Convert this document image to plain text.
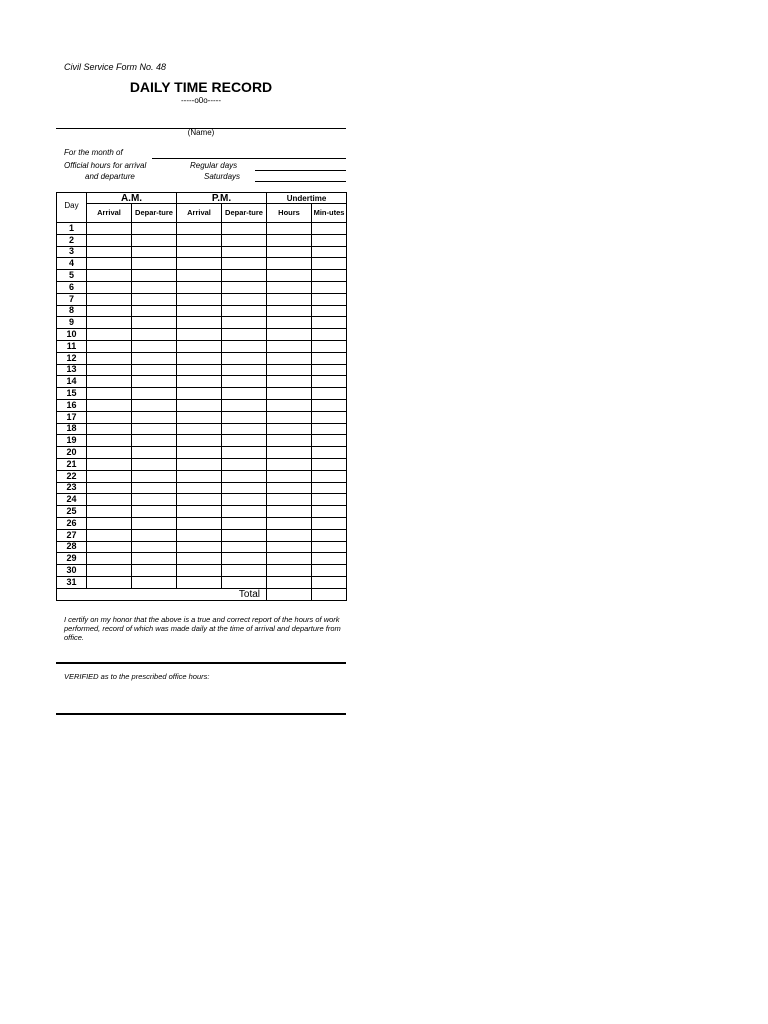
Civil Service Form No. 48
DAILY TIME RECORD
-----o0o-----
(Name)
For the month of
Official hours for arrival
and departure
Regular days
Saturdays
Day	A.M.		P.M.		Undertime	
	Arrival	Depar-ture	Arrival	Depar-ture	Hours	Min-utes
1						
2						
3						
4						
5						
6						
7						
8						
9						
10						
11						
12						
13						
14						
15						
16						
17						
18						
19						
20						
21						
22						
23						
24						
25						
26						
27						
28						
29						
30						
31						
Total						
I certify on my honor that the above is a true and correct report of the hours of work performed, record of which was made daily at the time of arrival and departure from office.
VERIFIED as to the prescribed office hours:
